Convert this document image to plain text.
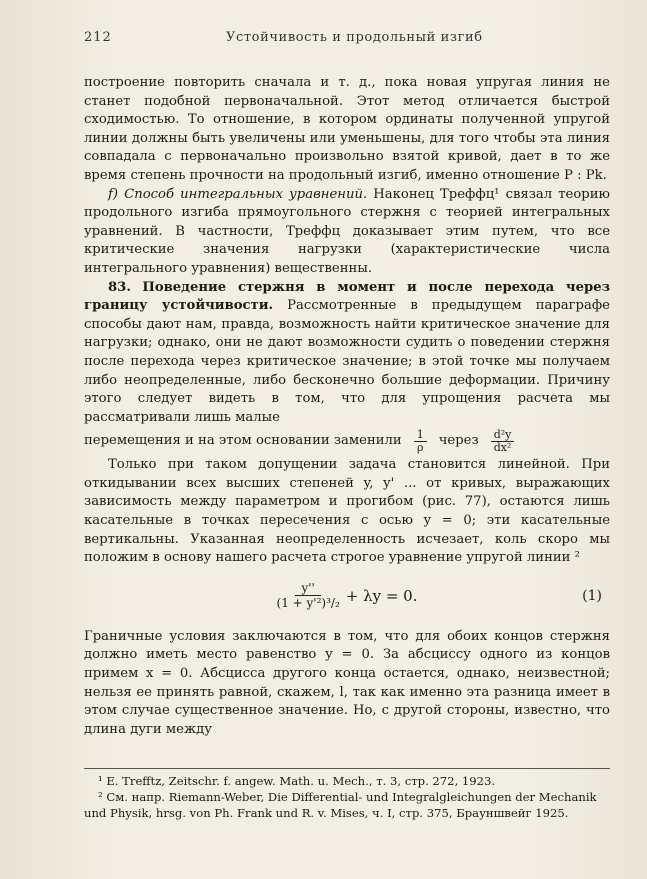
212	Устойчивость и продольный изгиб

построение повторить сначала и т. д., пока новая упругая линия не станет подобной первоначальной. Этот метод отличается быстрой сходимостью. То отношение, в котором ординаты полученной упругой линии должны быть увеличены или уменьшены, для того чтобы эта линия совпадала с первоначально произвольно взятой кривой, дает в то же время степень прочности на продольный изгиб, именно отношение P : Pk.

f) Способ интегральных уравнений. Наконец Треффц¹ связал теорию продольного изгиба прямоугольного стержня с теорией интегральных уравнений. В частности, Треффц доказывает этим путем, что все критические значения нагрузки (характеристические числа интегрального уравнения) вещественны.

83. Поведение стержня в момент и после перехода через границу устойчивости. Рассмотренные в предыдущем параграфе способы дают нам, правда, возможность найти критическое значение для нагрузки; однако, они не дают возможности судить о поведении стержня после перехода через критическое значение; в этой точке мы получаем либо неопределенные, либо бесконечно большие деформации. Причину этого следует видеть в том, что для упрощения расчета мы рассматривали лишь малые

перемещения и на этом основании заменили $\frac{1}{\rho}$ через $\frac{\text{d²y}}{\text{dx²}}$

Только при таком допущении задача становится линейной. При откидывании всех высших степеней y, y' ... от кривых, выражающих зависимость между параметром и прогибом (рис. 77), остаются лишь касательные в точках пересечения с осью y = 0; эти касательные вертикальны. Указанная неопределенность исчезает, коль скоро мы положим в основу нашего расчета строгое уравнение упругой линии ²

$\frac{y''}{\text{(1 + y'²)³/₂}} + \lambda y = 0$.	(1)

Граничные условия заключаются в том, что для обоих концов стержня должно иметь место равенство y = 0. За абсциссу одного из концов примем x = 0. Абсцисса другого конца остается, однако, неизвестной; нельзя ее принять равной, скажем, l, так как именно эта разница имеет в этом случае существенное значение. Но, с другой стороны, известно, что длина дуги между

¹ E. Trefftz, Zeitschr. f. angew. Math. u. Mech., т. 3, стр. 272, 1923.

² См. напр. Riemann-Weber, Die Differential- und Integralgleichungen der Mechanik und Physik, hrsg. von Ph. Frank und R. v. Mises, ч. I, стр. 375, Брауншвейг 1925.
